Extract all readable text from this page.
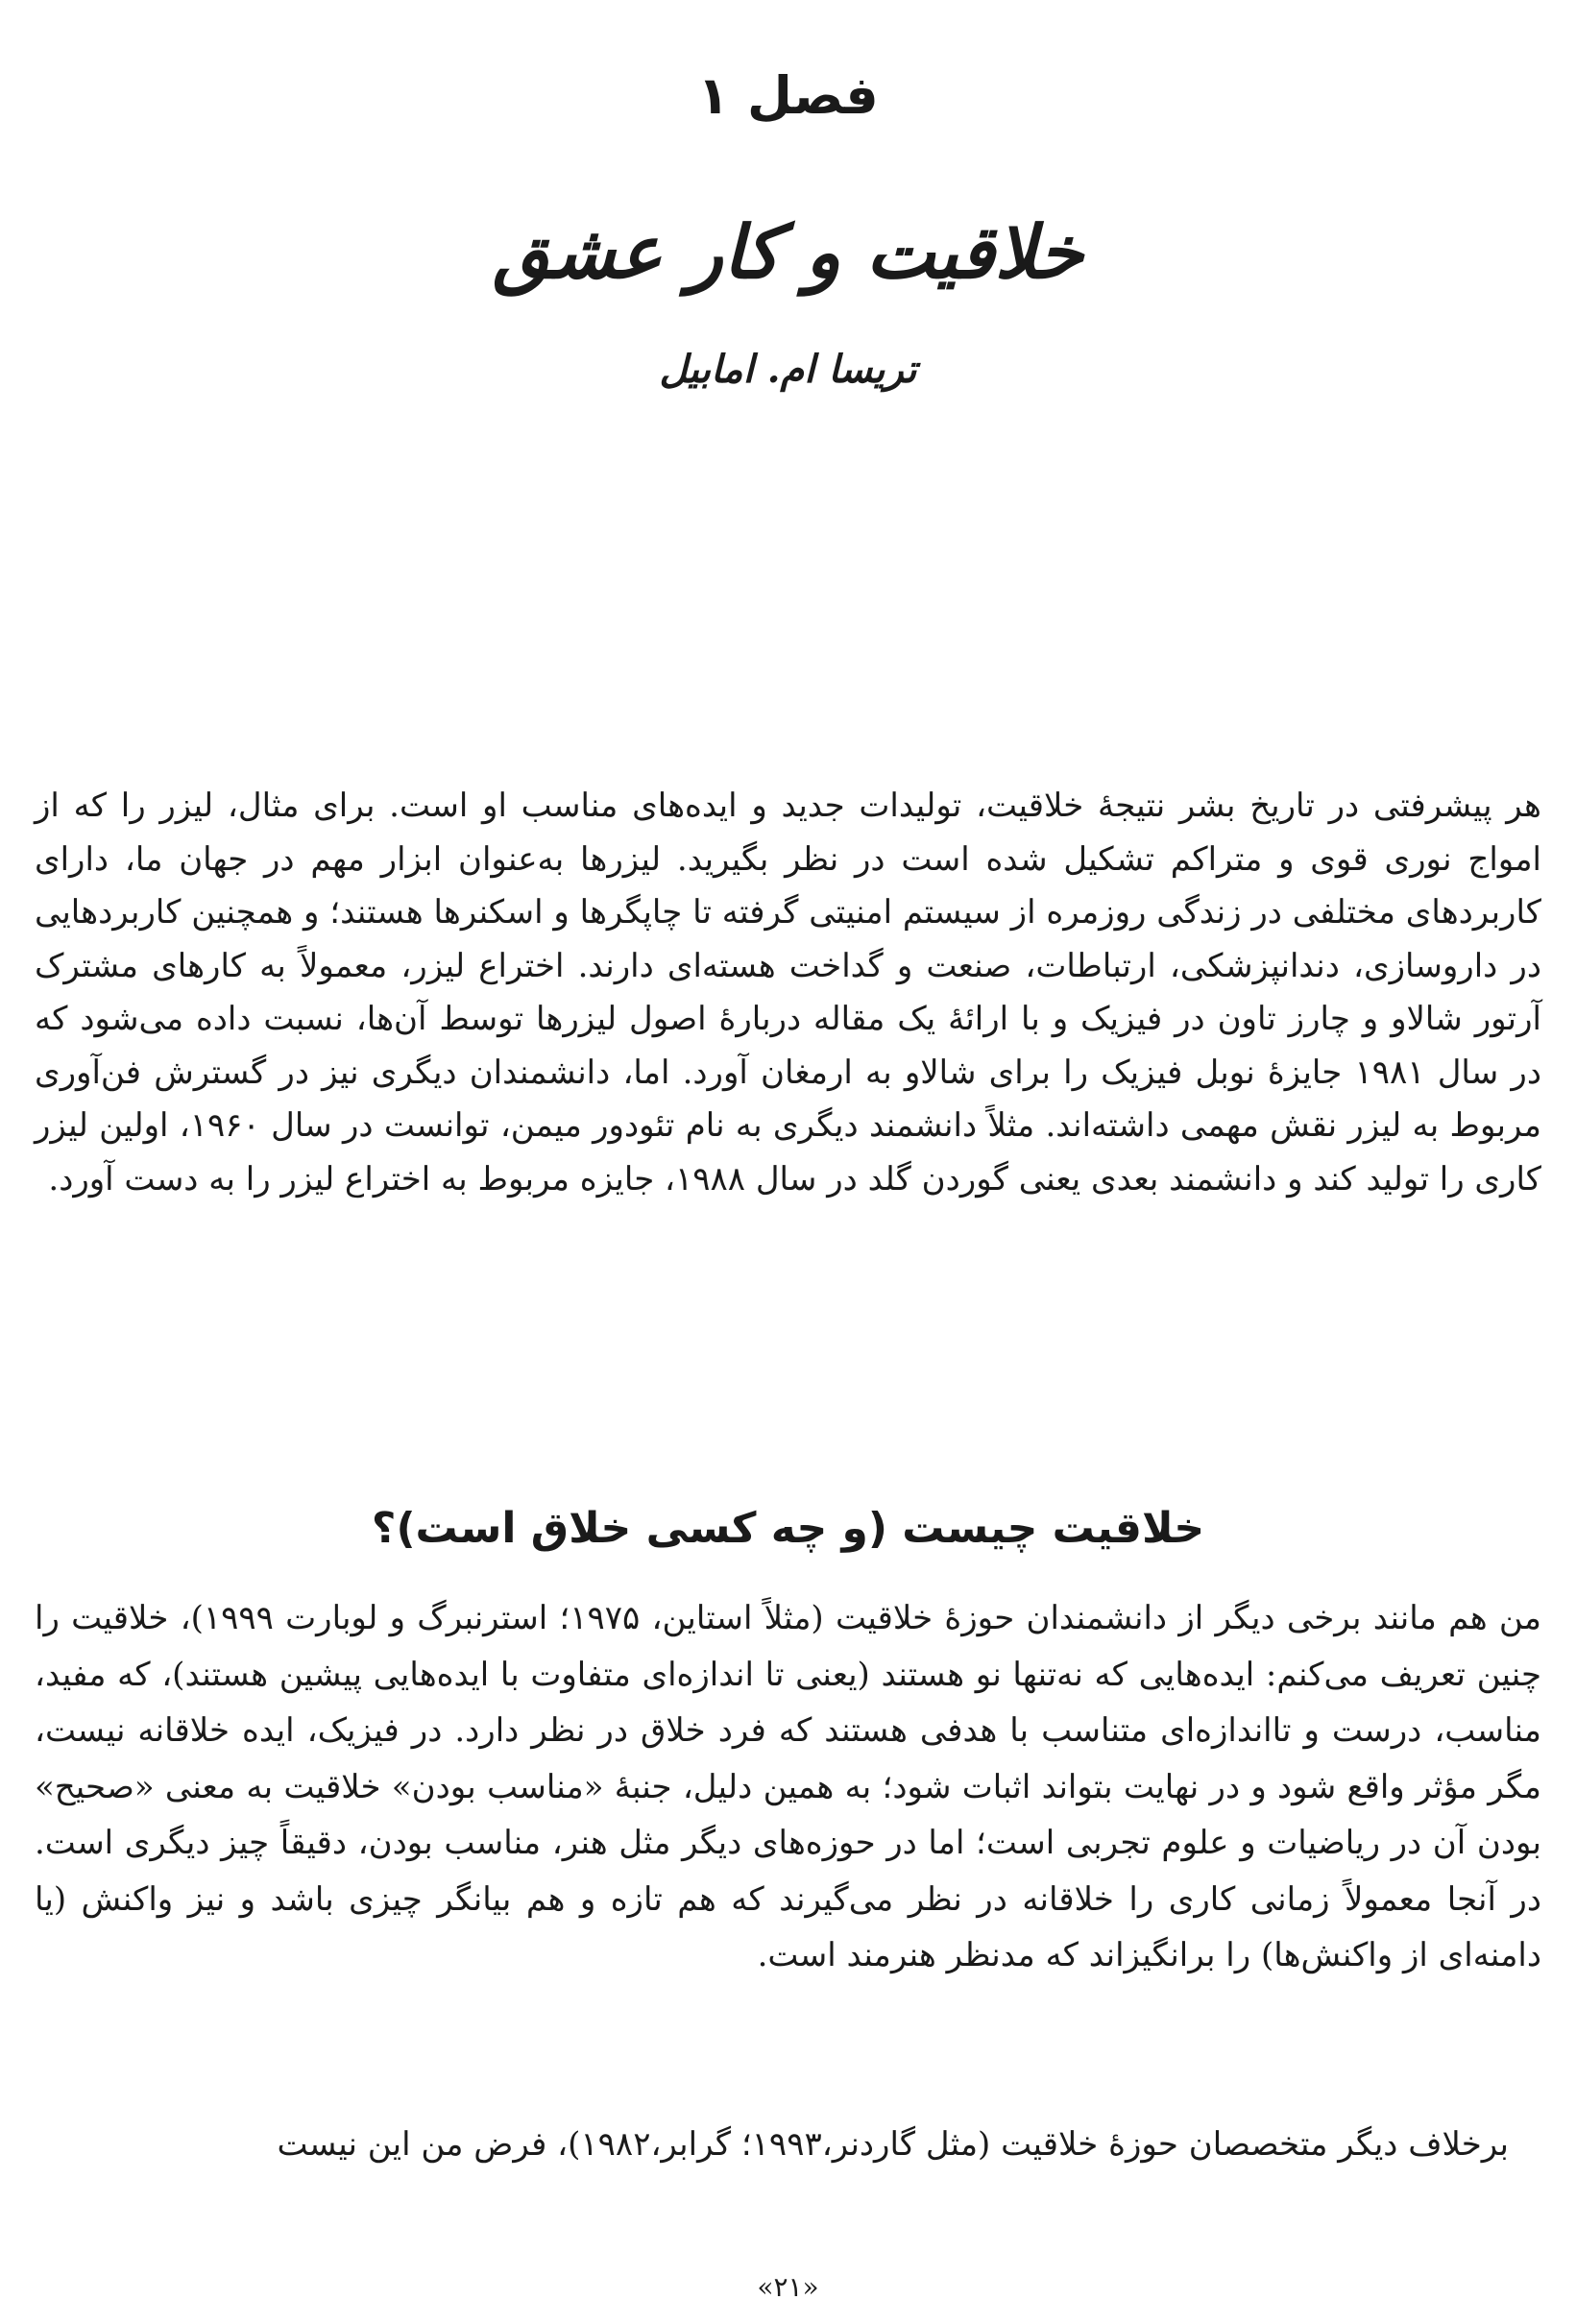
فصل ۱
خلاقیت و کار عشق

تریسا ام. امابیل

هر پیشرفتی در تاریخ بشر نتیجۀ خلاقیت، تولیدات جدید و ایده‌های مناسب او است. برای مثال، لیزر را که از امواج نوری قوی و متراکم تشکیل شده است در نظر بگیرید. لیزرها به‌عنوان ابزار مهم در جهان ما، دارای کاربردهای مختلفی در زندگی روزمره از سیستم امنیتی گرفته تا چاپگرها و اسکنرها هستند؛ و همچنین کاربردهایی در داروسازی، دندانپزشکی، ارتباطات، صنعت و گداخت هسته‌ای دارند. اختراع لیزر، معمولاً به کارهای مشترک آرتور شالاو و چارز تاون در فیزیک و با ارائۀ یک مقاله دربارۀ اصول لیزرها توسط آن‌ها، نسبت داده می‌شود که در سال ۱۹۸۱ جایزۀ نوبل فیزیک را برای شالاو به ارمغان آورد. اما، دانشمندان دیگری نیز در گسترش فن‌آوری مربوط به لیزر نقش مهمی داشته‌اند. مثلاً دانشمند دیگری به نام تئودور میمن، توانست در سال ۱۹۶۰، اولین لیزر کاری را تولید کند و دانشمند بعدی یعنی گوردن گلد در سال ۱۹۸۸، جایزه مربوط به اختراع لیزر را به دست آورد.

خلاقیت چیست (و چه کسی خلاق است)؟

من هم مانند برخی دیگر از دانشمندان حوزۀ خلاقیت (مثلاً استاین، ۱۹۷۵؛ استرنبرگ و لوبارت ۱۹۹۹)، خلاقیت را چنین تعریف می‌کنم: ایده‌هایی که نه‌تنها نو هستند (یعنی تا اندازه‌ای متفاوت با ایده‌هایی پیشین هستند)، که مفید، مناسب، درست و تااندازه‌ای متناسب با هدفی هستند که فرد خلاق در نظر دارد. در فیزیک، ایده خلاقانه نیست، مگر مؤثر واقع شود و در نهایت بتواند اثبات شود؛ به همین دلیل، جنبۀ «مناسب بودن» خلاقیت به معنی «صحیح» بودن آن در ریاضیات و علوم تجربی است؛ اما در حوزه‌های دیگر مثل هنر، مناسب بودن، دقیقاً چیز دیگری است. در آنجا معمولاً زمانی کاری را خلاقانه در نظر می‌گیرند که هم تازه و هم بیانگر چیزی باشد و نیز واکنش (یا دامنه‌ای از واکنش‌ها) را برانگیزاند که مدنظر هنرمند است.

برخلاف دیگر متخصصان حوزۀ خلاقیت (مثل گاردنر،۱۹۹۳؛ گرابر،۱۹۸۲)، فرض من این نیست

«۲۱»
